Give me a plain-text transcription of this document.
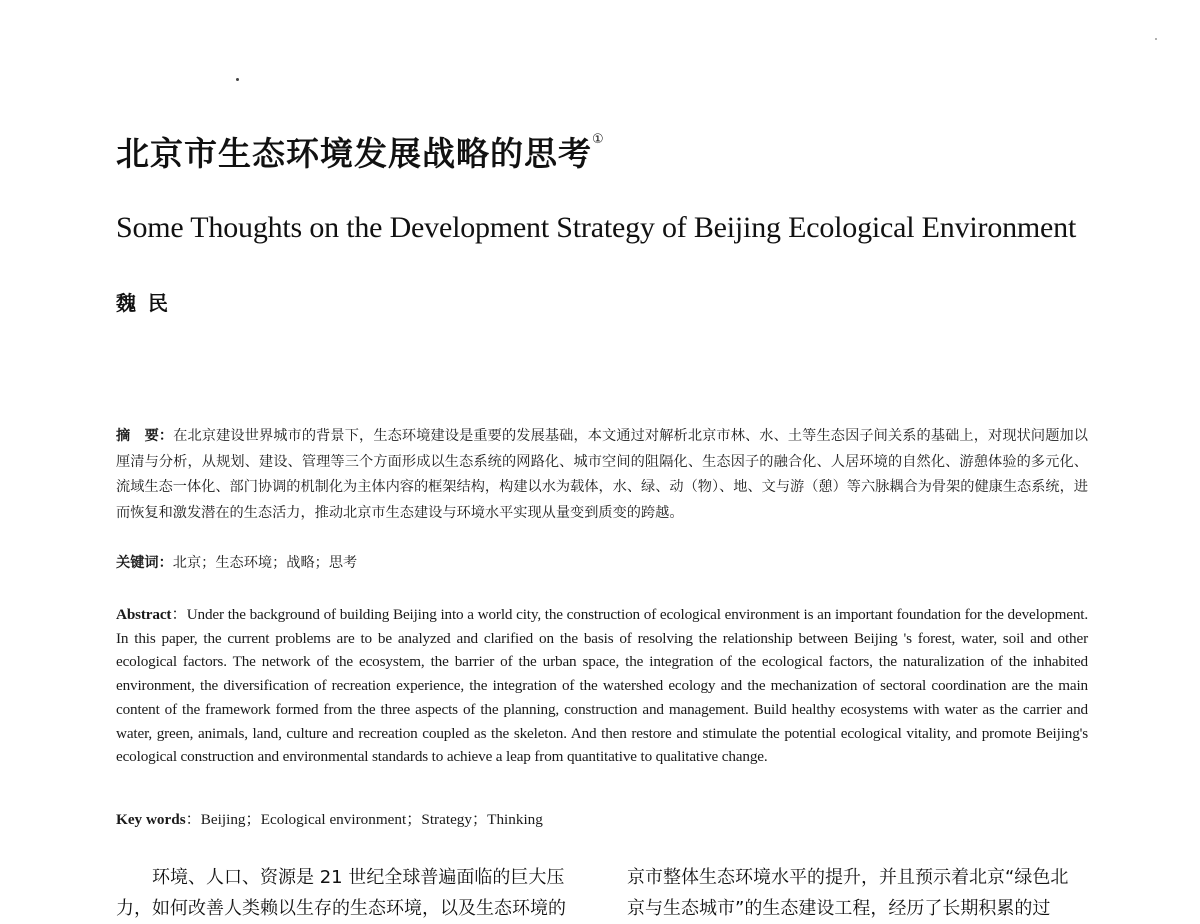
北京市生态环境发展战略的思考①
Some Thoughts on the Development Strategy of Beijing Ecological Environment
魏民
摘　要：在北京建设世界城市的背景下，生态环境建设是重要的发展基础，本文通过对解析北京市林、水、土等生态因子间关系的基础上，对现状问题加以厘清与分析，从规划、建设、管理等三个方面形成以生态系统的网路化、城市空间的阻隔化、生态因子的融合化、人居环境的自然化、游憩体验的多元化、流域生态一体化、部门协调的机制化为主体内容的框架结构，构建以水为载体，水、绿、动（物）、地、文与游（憩）等六脉耦合为骨架的健康生态系统，进而恢复和激发潜在的生态活力，推动北京市生态建设与环境水平实现从量变到质变的跨越。
关键词：北京；生态环境；战略；思考
Abstract：Under the background of building Beijing into a world city, the construction of ecological environment is an important foundation for the development. In this paper, the current problems are to be analyzed and clarified on the basis of resolving the relationship between Beijing 's forest, water, soil and other ecological factors. The network of the ecosystem, the barrier of the urban space, the integration of the ecological factors, the naturalization of the inhabited environment, the diversification of recreation experience, the integration of the watershed ecology and the mechanization of sectoral coordination are the main content of the framework formed from the three aspects of the planning, construction and management. Build healthy ecosystems with water as the carrier and water, green, animals, land, culture and recreation coupled as the skeleton. And then restore and stimulate the potential ecological vitality, and promote Beijing's ecological construction and environmental standards to achieve a leap from quantitative to qualitative change.
Key words：Beijing；Ecological environment；Strategy；Thinking

环境、人口、资源是 21 世纪全球普遍面临的巨大压

力，如何改善人类赖以生存的生态环境，以及生态环境的

京市整体生态环境水平的提升，并且预示着北京“绿色北

京与生态城市”的生态建设工程，经历了长期积累的过
